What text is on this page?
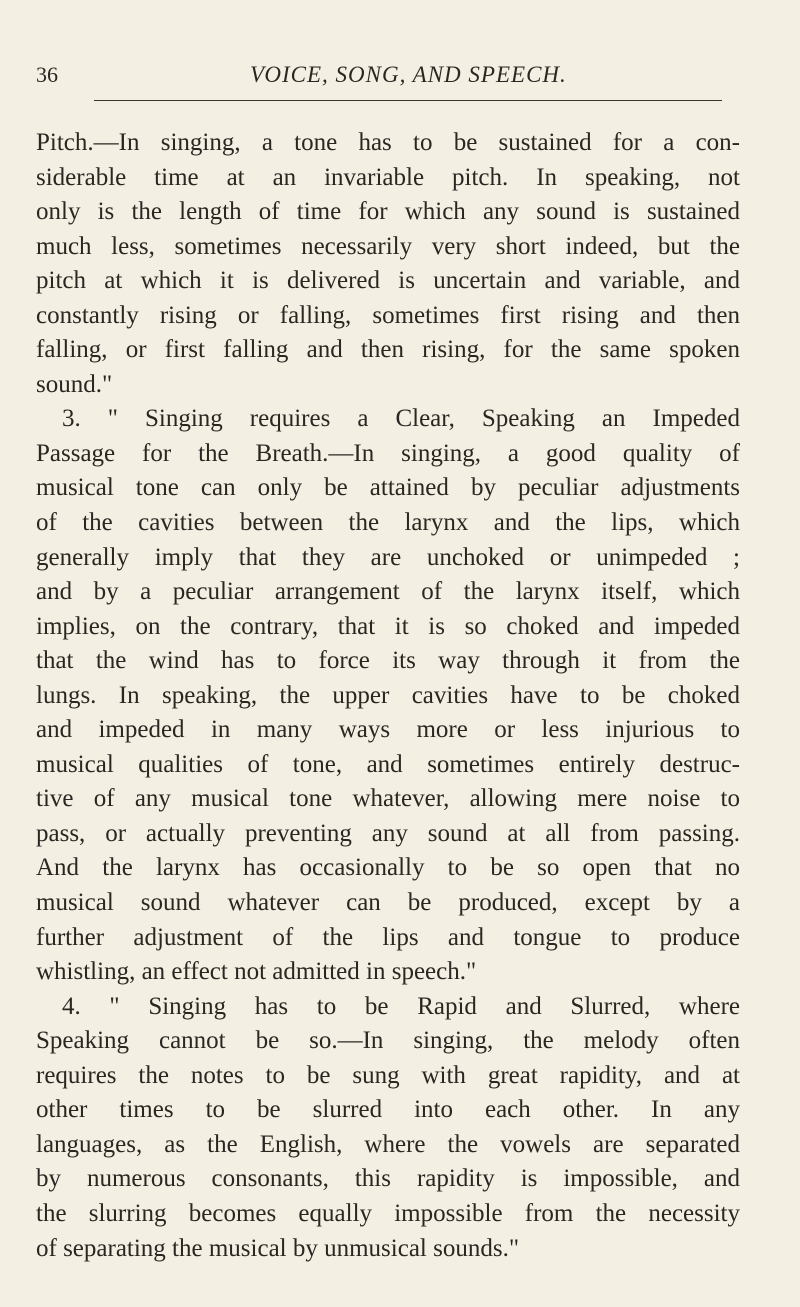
36	VOICE, SONG, AND SPEECH.
Pitch.—In singing, a tone has to be sustained for a con-
siderable time at an invariable pitch. In speaking, not
only is the length of time for which any sound is sustained
much less, sometimes necessarily very short indeed, but the
pitch at which it is delivered is uncertain and variable, and
constantly rising or falling, sometimes first rising and then
falling, or first falling and then rising, for the same spoken
sound."
3. " Singing requires a Clear, Speaking an Impeded
Passage for the Breath.—In singing, a good quality of
musical tone can only be attained by peculiar adjustments
of the cavities between the larynx and the lips, which
generally imply that they are unchoked or unimpeded ;
and by a peculiar arrangement of the larynx itself, which
implies, on the contrary, that it is so choked and impeded
that the wind has to force its way through it from the
lungs. In speaking, the upper cavities have to be choked
and impeded in many ways more or less injurious to
musical qualities of tone, and sometimes entirely destruc-
tive of any musical tone whatever, allowing mere noise to
pass, or actually preventing any sound at all from passing.
And the larynx has occasionally to be so open that no
musical sound whatever can be produced, except by a
further adjustment of the lips and tongue to produce
whistling, an effect not admitted in speech."
4. " Singing has to be Rapid and Slurred, where
Speaking cannot be so.—In singing, the melody often
requires the notes to be sung with great rapidity, and at
other times to be slurred into each other. In any
languages, as the English, where the vowels are separated
by numerous consonants, this rapidity is impossible, and
the slurring becomes equally impossible from the necessity
of separating the musical by unmusical sounds."
